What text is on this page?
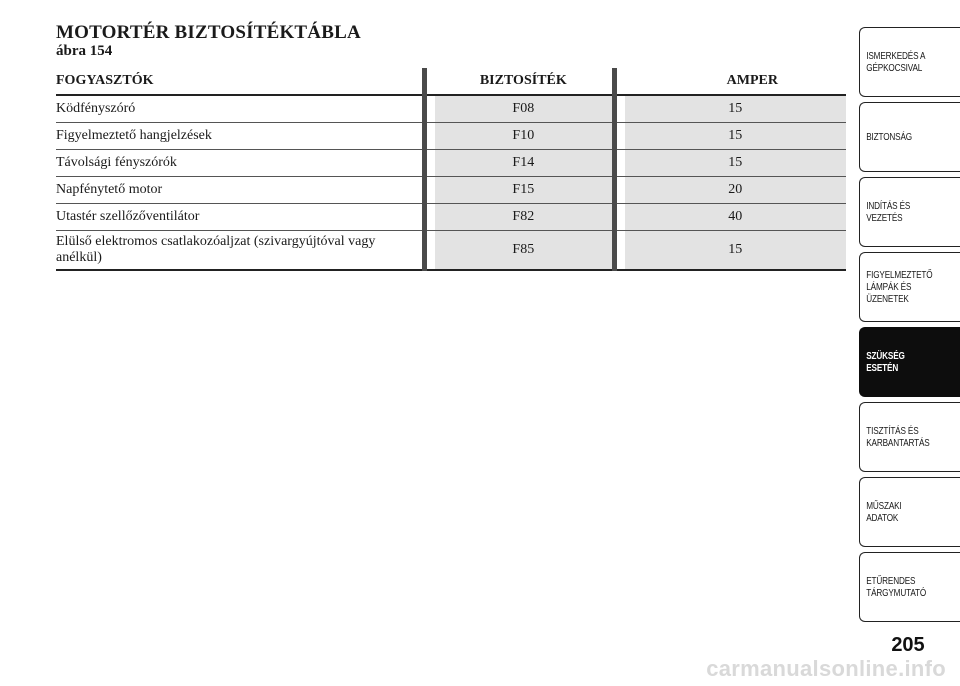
MOTORTÉR BIZTOSÍTÉKTÁBLA
ábra 154
FOGYASZTÓK		BIZTOSÍTÉK		AMPER
Ködfényszóró		F08		15
Figyelmeztető hangjelzések		F10		15
Távolsági fényszórók		F14		15
Napfénytető motor		F15		20
Utastér szellőzőventilátor		F82		40
Elülső elektromos csatlakozóaljzat (szivargyújtóval vagy anélkül)		F85		15
ISMERKEDÉS A
GÉPKOCSIVAL
BIZTONSÁG
INDÍTÁS ÉS
VEZETÉS
FIGYELMEZTETŐ
LÁMPÁK ÉS
ÜZENETEK
SZÜKSÉG ESETÉN
TISZTÍTÁS ÉS
KARBANTARTÁS
MŰSZAKI ADATOK
ETŰRENDES
TÁRGYMUTATÓ
205
carmanualsonline.info
